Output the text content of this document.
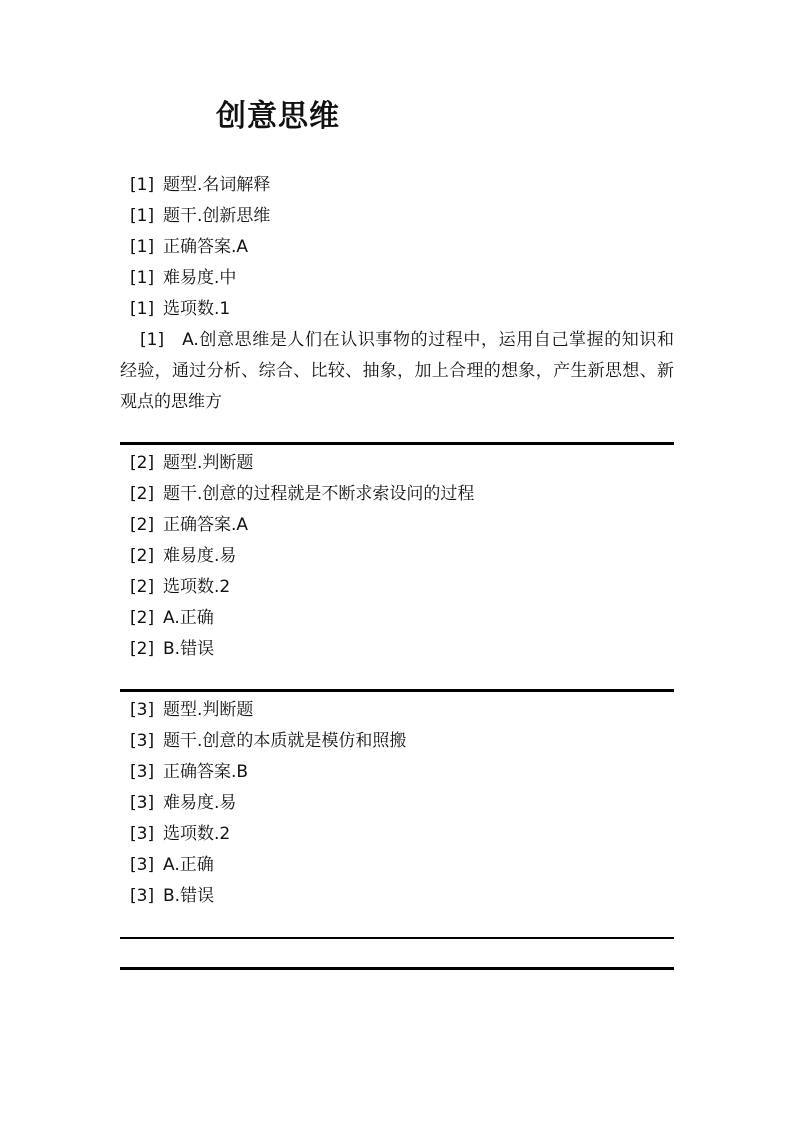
创意思维
[1] 题型.名词解释
[1] 题干.创新思维
[1] 正确答案.A
[1] 难易度.中
[1] 选项数.1

[1] A.创意思维是人们在认识事物的过程中，运用自己掌握的知识和经验，通过分析、综合、比较、抽象，加上合理的想象，产生新思想、新观点的思维方

[2] 题型.判断题
[2] 题干.创意的过程就是不断求索设问的过程
[2] 正确答案.A
[2] 难易度.易
[2] 选项数.2
[2] A.正确
[2] B.错误
[3] 题型.判断题
[3] 题干.创意的本质就是模仿和照搬
[3] 正确答案.B
[3] 难易度.易
[3] 选项数.2
[3] A.正确
[3] B.错误
